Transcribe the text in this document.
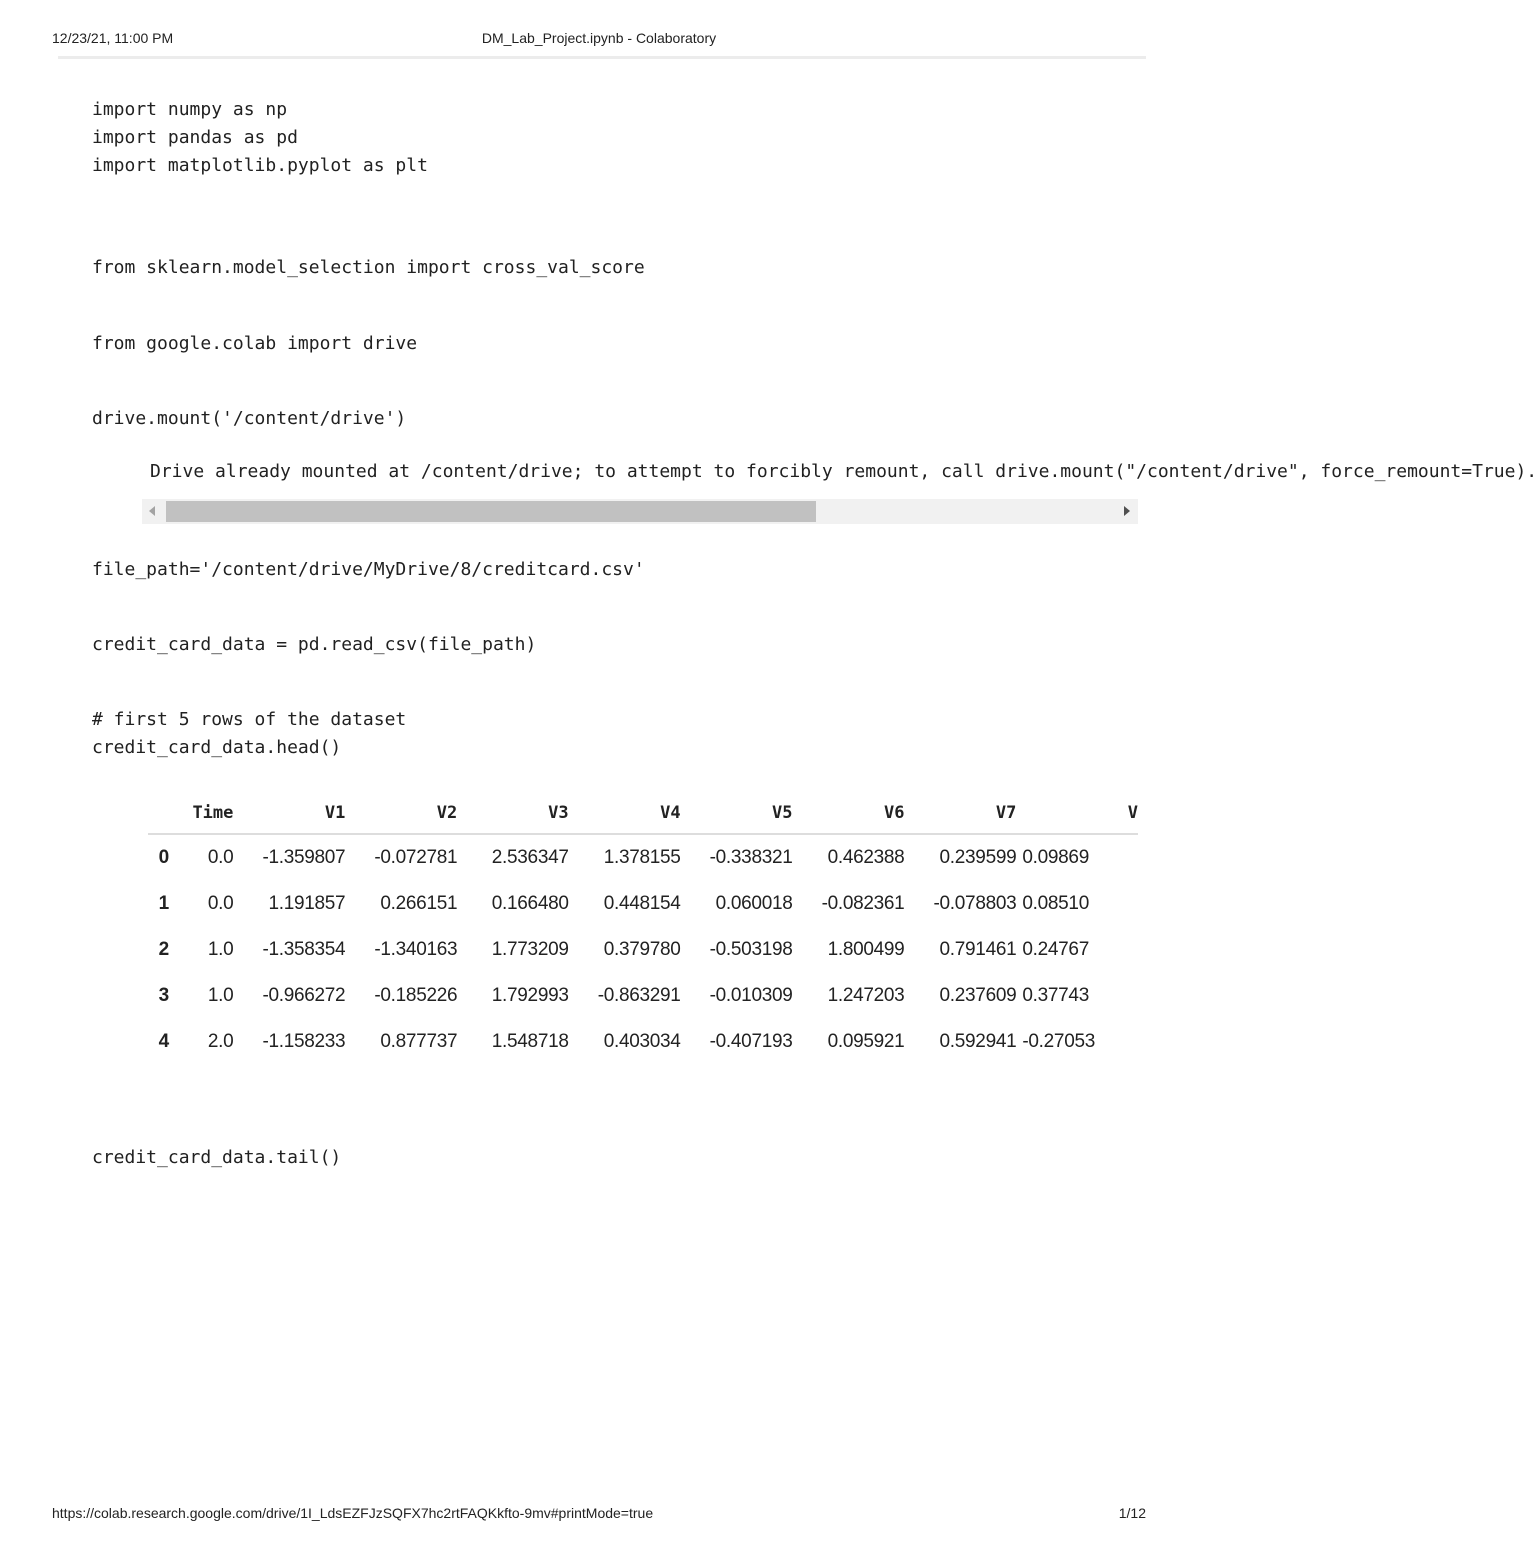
12/23/21, 11:00 PM	DM_Lab_Project.ipynb - Colaboratory
import numpy as np
import pandas as pd
import matplotlib.pyplot as plt
from sklearn.model_selection import cross_val_score
from google.colab import drive
drive.mount('/content/drive')
Drive already mounted at /content/drive; to attempt to forcibly remount, call drive.mount("/content/drive", force_remount=True).
file_path='/content/drive/MyDrive/8/creditcard.csv'
credit_card_data = pd.read_csv(file_path)
# first 5 rows of the dataset
credit_card_data.head()
	Time	V1	V2	V3	V4	V5	V6	V7	V
0	0.0	-1.359807	-0.072781	2.536347	1.378155	-0.338321	0.462388	0.239599	0.09869
1	0.0	1.191857	0.266151	0.166480	0.448154	0.060018	-0.082361	-0.078803	0.08510
2	1.0	-1.358354	-1.340163	1.773209	0.379780	-0.503198	1.800499	0.791461	0.24767
3	1.0	-0.966272	-0.185226	1.792993	-0.863291	-0.010309	1.247203	0.237609	0.37743
4	2.0	-1.158233	0.877737	1.548718	0.403034	-0.407193	0.095921	0.592941	-0.27053
credit_card_data.tail()
https://colab.research.google.com/drive/1I_LdsEZFJzSQFX7hc2rtFAQKkfto-9mv#printMode=true	1/12
